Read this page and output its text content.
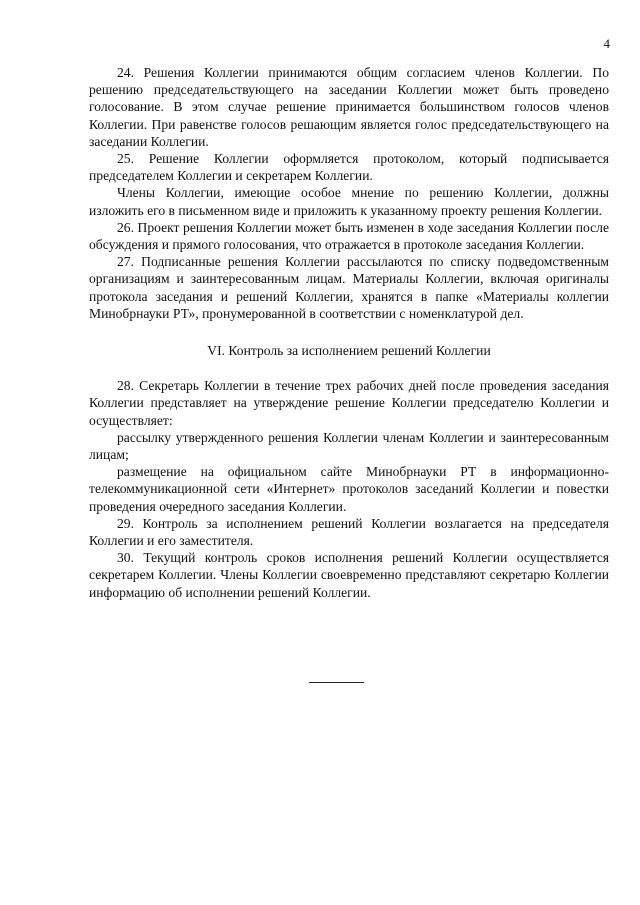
4

24. Решения Коллегии принимаются общим согласием членов Коллегии. По решению председательствующего на заседании Коллегии может быть проведено голосование. В этом случае решение принимается большинством голосов членов Коллегии. При равенстве голосов решающим является голос председательствующего на заседании Коллегии.

25. Решение Коллегии оформляется протоколом, который подписывается председателем Коллегии и секретарем Коллегии.

Члены Коллегии, имеющие особое мнение по решению Коллегии, должны изложить его в письменном виде и приложить к указанному проекту решения Коллегии.

26. Проект решения Коллегии может быть изменен в ходе заседания Коллегии после обсуждения и прямого голосования, что отражается в протоколе заседания Коллегии.

27. Подписанные решения Коллегии рассылаются по списку подведомственным организациям и заинтересованным лицам. Материалы Коллегии, включая оригиналы протокола заседания и решений Коллегии, хранятся в папке «Материалы коллегии Минобрнауки РТ», пронумерованной в соответствии с номенклатурой дел.

VI. Контроль за исполнением решений Коллегии

28. Секретарь Коллегии в течение трех рабочих дней после проведения заседания Коллегии представляет на утверждение решение Коллегии председателю Коллегии и осуществляет:

рассылку утвержденного решения Коллегии членам Коллегии и заинтересованным лицам;

размещение на официальном сайте Минобрнауки РТ в информационно-телекоммуникационной сети «Интернет» протоколов заседаний Коллегии и повестки проведения очередного заседания Коллегии.

29. Контроль за исполнением решений Коллегии возлагается на председателя Коллегии и его заместителя.

30. Текущий контроль сроков исполнения решений Коллегии осуществляется секретарем Коллегии. Члены Коллегии своевременно представляют секретарю Коллегии информацию об исполнении решений Коллегии.
